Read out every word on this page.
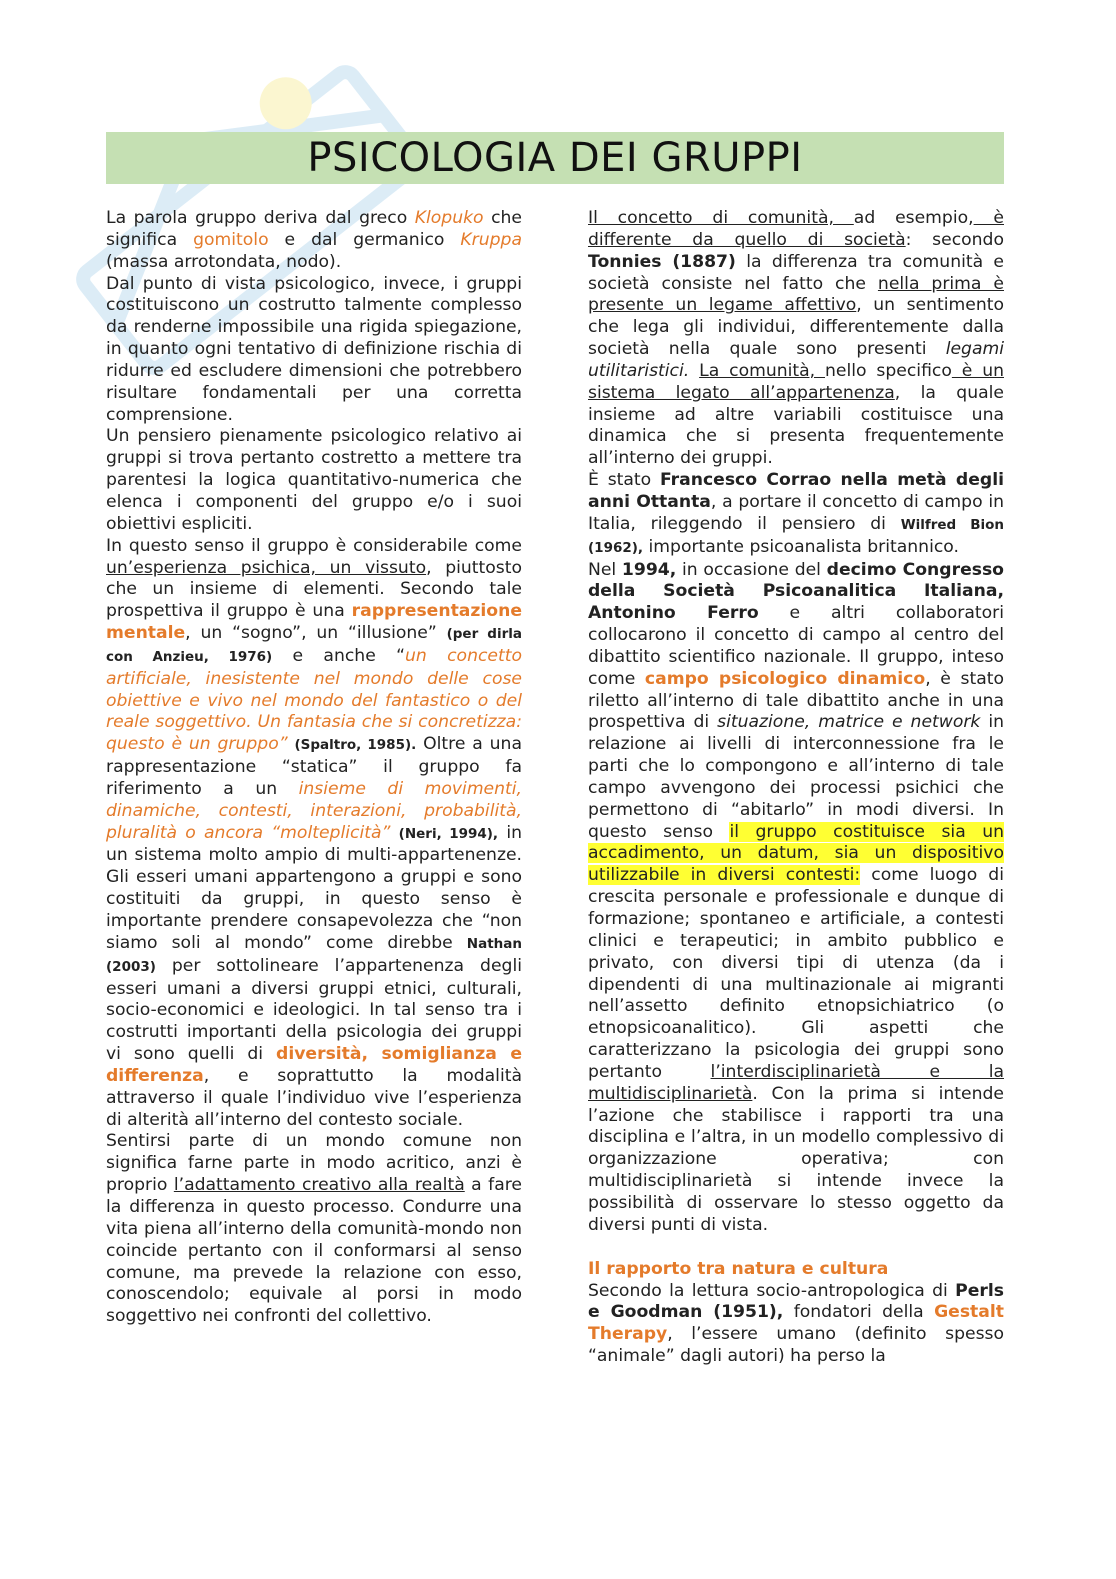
PSICOLOGIA DEI GRUPPI

La parola gruppo deriva dal greco Klopuko che significa gomitolo e dal germanico Kruppa (massa arrotondata, nodo).

Dal punto di vista psicologico, invece, i gruppi costituiscono un costrutto talmente complesso da renderne impossibile una rigida spiegazione, in quanto ogni tentativo di definizione rischia di ridurre ed escludere dimensioni che potrebbero risultare fondamentali per una corretta comprensione.

Un pensiero pienamente psicologico relativo ai gruppi si trova pertanto costretto a mettere tra parentesi la logica quantitativo-numerica che elenca i componenti del gruppo e/o i suoi obiettivi espliciti.

In questo senso il gruppo è considerabile come un’esperienza psichica, un vissuto, piuttosto che un insieme di elementi. Secondo tale prospettiva il gruppo è una rappresentazione mentale, un “sogno”, un “illusione” (per dirla con Anzieu, 1976) e anche “un concetto artificiale, inesistente nel mondo delle cose obiettive e vivo nel mondo del fantastico o del reale soggettivo. Un fantasia che si concretizza: questo è un gruppo” (Spaltro, 1985). Oltre a una rappresentazione “statica” il gruppo fa riferimento a un insieme di movimenti, dinamiche, contesti, interazioni, probabilità, pluralità o ancora “molteplicità” (Neri, 1994), in un sistema molto ampio di multi-appartenenze. Gli esseri umani appartengono a gruppi e sono costituiti da gruppi, in questo senso è importante prendere consapevolezza che “non siamo soli al mondo” come direbbe Nathan (2003) per sottolineare l’appartenenza degli esseri umani a diversi gruppi etnici, culturali, socio-economici e ideologici. In tal senso tra i costrutti importanti della psicologia dei gruppi vi sono quelli di diversità, somiglianza e differenza, e soprattutto la modalità attraverso il quale l’individuo vive l’esperienza di alterità all’interno del contesto sociale.

Sentirsi parte di un mondo comune non significa farne parte in modo acritico, anzi è proprio l’adattamento creativo alla realtà a fare la differenza in questo processo. Condurre una vita piena all’interno della comunità-mondo non coincide pertanto con il conformarsi al senso comune, ma prevede la relazione con esso, conoscendolo; equivale al porsi in modo soggettivo nei confronti del collettivo.

Il concetto di comunità, ad esempio, è differente da quello di società: secondo Tonnies (1887) la differenza tra comunità e società consiste nel fatto che nella prima è presente un legame affettivo, un sentimento che lega gli individui, differentemente dalla società nella quale sono presenti legami utilitaristici. La comunità, nello specifico è un sistema legato all’appartenenza, la quale insieme ad altre variabili costituisce una dinamica che si presenta frequentemente all’interno dei gruppi.

È stato Francesco Corrao nella metà degli anni Ottanta, a portare il concetto di campo in Italia, rileggendo il pensiero di Wilfred Bion (1962), importante psicoanalista britannico.

Nel 1994, in occasione del decimo Congresso della Società Psicoanalitica Italiana, Antonino Ferro e altri collaboratori collocarono il concetto di campo al centro del dibattito scientifico nazionale. Il gruppo, inteso come campo psicologico dinamico, è stato riletto all’interno di tale dibattito anche in una prospettiva di situazione, matrice e network in relazione ai livelli di interconnessione fra le parti che lo compongono e all’interno di tale campo avvengono dei processi psichici che permettono di “abitarlo” in modi diversi. In questo senso il gruppo costituisce sia un accadimento, un datum, sia un dispositivo utilizzabile in diversi contesti: come luogo di crescita personale e professionale e dunque di formazione; spontaneo e artificiale, a contesti clinici e terapeutici; in ambito pubblico e privato, con diversi tipi di utenza (da i dipendenti di una multinazionale ai migranti nell’assetto definito etnopsichiatrico (o etnopsicoanalitico). Gli aspetti che caratterizzano la psicologia dei gruppi sono pertanto l’interdisciplinarietà e la multidisciplinarietà. Con la prima si intende l’azione che stabilisce i rapporti tra una disciplina e l’altra, in un modello complessivo di organizzazione operativa; con multidisciplinarietà si intende invece la possibilità di osservare lo stesso oggetto da diversi punti di vista.

Il rapporto tra natura e cultura

Secondo la lettura socio-antropologica di Perls e Goodman (1951), fondatori della Gestalt Therapy, l’essere umano (definito spesso “animale” dagli autori) ha perso la
